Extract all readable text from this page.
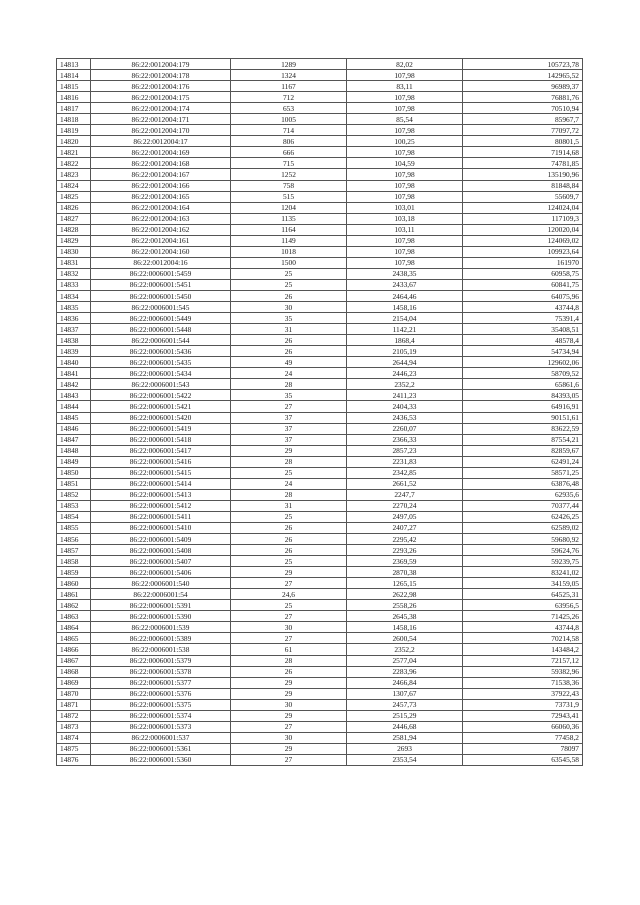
14813	86:22:0012004:179	1289	82,02	105723,78
14814	86:22:0012004:178	1324	107,98	142965,52
14815	86:22:0012004:176	1167	83,11	96989,37
14816	86:22:0012004:175	712	107,98	76881,76
14817	86:22:0012004:174	653	107,98	70510,94
14818	86:22:0012004:171	1005	85,54	85967,7
14819	86:22:0012004:170	714	107,98	77097,72
14820	86:22:0012004:17	806	100,25	80801,5
14821	86:22:0012004:169	666	107,98	71914,68
14822	86:22:0012004:168	715	104,59	74781,85
14823	86:22:0012004:167	1252	107,98	135190,96
14824	86:22:0012004:166	758	107,98	81848,84
14825	86:22:0012004:165	515	107,98	55609,7
14826	86:22:0012004:164	1204	103,01	124024,04
14827	86:22:0012004:163	1135	103,18	117109,3
14828	86:22:0012004:162	1164	103,11	120020,04
14829	86:22:0012004:161	1149	107,98	124069,02
14830	86:22:0012004:160	1018	107,98	109923,64
14831	86:22:0012004:16	1500	107,98	161970
14832	86:22:0006001:5459	25	2438,35	60958,75
14833	86:22:0006001:5451	25	2433,67	60841,75
14834	86:22:0006001:5450	26	2464,46	64075,96
14835	86:22:0006001:545	30	1458,16	43744,8
14836	86:22:0006001:5449	35	2154,04	75391,4
14837	86:22:0006001:5448	31	1142,21	35408,51
14838	86:22:0006001:544	26	1868,4	48578,4
14839	86:22:0006001:5436	26	2105,19	54734,94
14840	86:22:0006001:5435	49	2644,94	129602,06
14841	86:22:0006001:5434	24	2446,23	58709,52
14842	86:22:0006001:543	28	2352,2	65861,6
14843	86:22:0006001:5422	35	2411,23	84393,05
14844	86:22:0006001:5421	27	2404,33	64916,91
14845	86:22:0006001:5420	37	2436,53	90151,61
14846	86:22:0006001:5419	37	2260,07	83622,59
14847	86:22:0006001:5418	37	2366,33	87554,21
14848	86:22:0006001:5417	29	2857,23	82859,67
14849	86:22:0006001:5416	28	2231,83	62491,24
14850	86:22:0006001:5415	25	2342,85	58571,25
14851	86:22:0006001:5414	24	2661,52	63876,48
14852	86:22:0006001:5413	28	2247,7	62935,6
14853	86:22:0006001:5412	31	2270,24	70377,44
14854	86:22:0006001:5411	25	2497,05	62426,25
14855	86:22:0006001:5410	26	2407,27	62589,02
14856	86:22:0006001:5409	26	2295,42	59680,92
14857	86:22:0006001:5408	26	2293,26	59624,76
14858	86:22:0006001:5407	25	2369,59	59239,75
14859	86:22:0006001:5406	29	2870,38	83241,02
14860	86:22:0006001:540	27	1265,15	34159,05
14861	86:22:0006001:54	24,6	2622,98	64525,31
14862	86:22:0006001:5391	25	2558,26	63956,5
14863	86:22:0006001:5390	27	2645,38	71425,26
14864	86:22:0006001:539	30	1458,16	43744,8
14865	86:22:0006001:5389	27	2600,54	70214,58
14866	86:22:0006001:538	61	2352,2	143484,2
14867	86:22:0006001:5379	28	2577,04	72157,12
14868	86:22:0006001:5378	26	2283,96	59382,96
14869	86:22:0006001:5377	29	2466,84	71538,36
14870	86:22:0006001:5376	29	1307,67	37922,43
14871	86:22:0006001:5375	30	2457,73	73731,9
14872	86:22:0006001:5374	29	2515,29	72943,41
14873	86:22:0006001:5373	27	2446,68	66060,36
14874	86:22:0006001:537	30	2581,94	77458,2
14875	86:22:0006001:5361	29	2693	78097
14876	86:22:0006001:5360	27	2353,54	63545,58
